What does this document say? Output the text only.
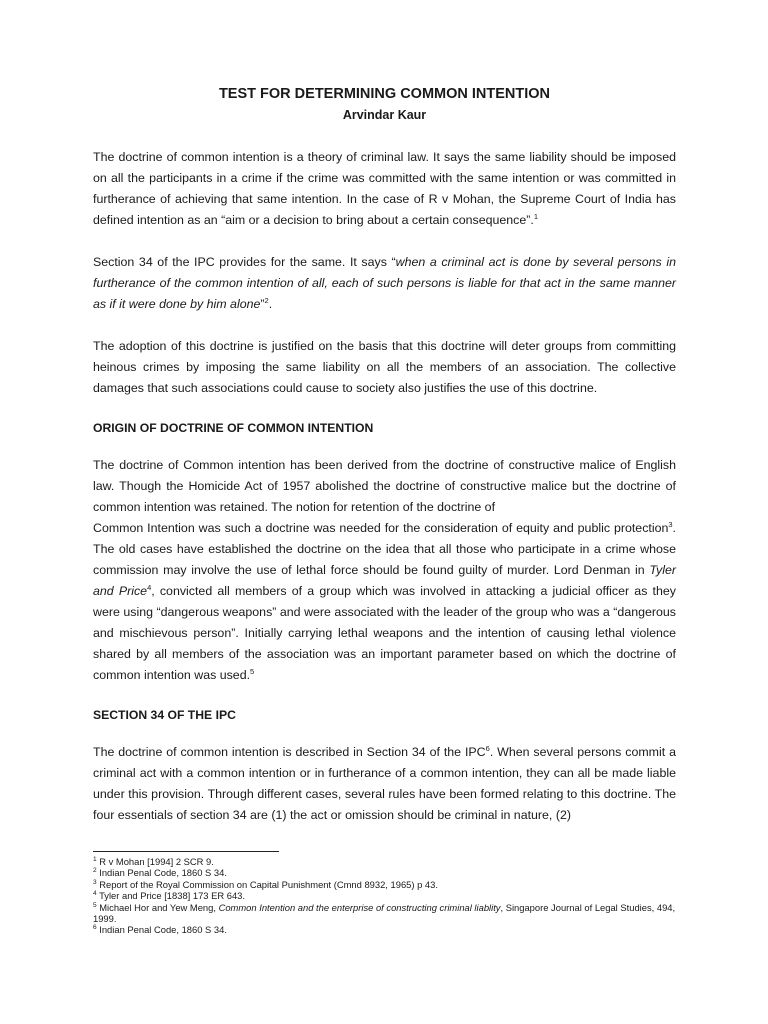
TEST FOR DETERMINING COMMON INTENTION
Arvindar Kaur

The doctrine of common intention is a theory of criminal law. It says the same liability should be imposed on all the participants in a crime if the crime was committed with the same intention or was committed in furtherance of achieving that same intention. In the case of R v Mohan, the Supreme Court of India has defined intention as an “aim or a decision to bring about a certain consequence”.$^1$

Section 34 of the IPC provides for the same. It says “when a criminal act is done by several persons in furtherance of the common intention of all, each of such persons is liable for that act in the same manner as if it were done by him alone”$^2$.

The adoption of this doctrine is justified on the basis that this doctrine will deter groups from committing heinous crimes by imposing the same liability on all the members of an association. The collective damages that such associations could cause to society also justifies the use of this doctrine.

ORIGIN OF DOCTRINE OF COMMON INTENTION

The doctrine of Common intention has been derived from the doctrine of constructive malice of English law. Though the Homicide Act of 1957 abolished the doctrine of constructive malice but the doctrine of common intention was retained. The notion for retention of the doctrine of

Common Intention was such a doctrine was needed for the consideration of equity and public protection$^3$. The old cases have established the doctrine on the idea that all those who participate in a crime whose commission may involve the use of lethal force should be found guilty of murder. Lord Denman in Tyler and Price$^4$, convicted all members of a group which was involved in attacking a judicial officer as they were using “dangerous weapons” and were associated with the leader of the group who was a “dangerous and mischievous person”. Initially carrying lethal weapons and the intention of causing lethal violence shared by all members of the association was an important parameter based on which the doctrine of common intention was used.$^5$

SECTION 34 OF THE IPC

The doctrine of common intention is described in Section 34 of the IPC$^6$. When several persons commit a criminal act with a common intention or in furtherance of a common intention, they can all be made liable under this provision. Through different cases, several rules have been formed relating to this doctrine. The four essentials of section 34 are (1) the act or omission should be criminal in nature, (2)

$^1$ R v Mohan [1994] 2 SCR 9.
$^2$ Indian Penal Code, 1860 S 34.
$^3$ Report of the Royal Commission on Capital Punishment (Cmnd 8932, 1965) p 43.
$^4$ Tyler and Price [1838] 173 ER 643.
$^5$ Michael Hor and Yew Meng, Common Intention and the enterprise of constructing criminal liablity, Singapore Journal of Legal Studies, 494, 1999.
$^6$ Indian Penal Code, 1860 S 34.
